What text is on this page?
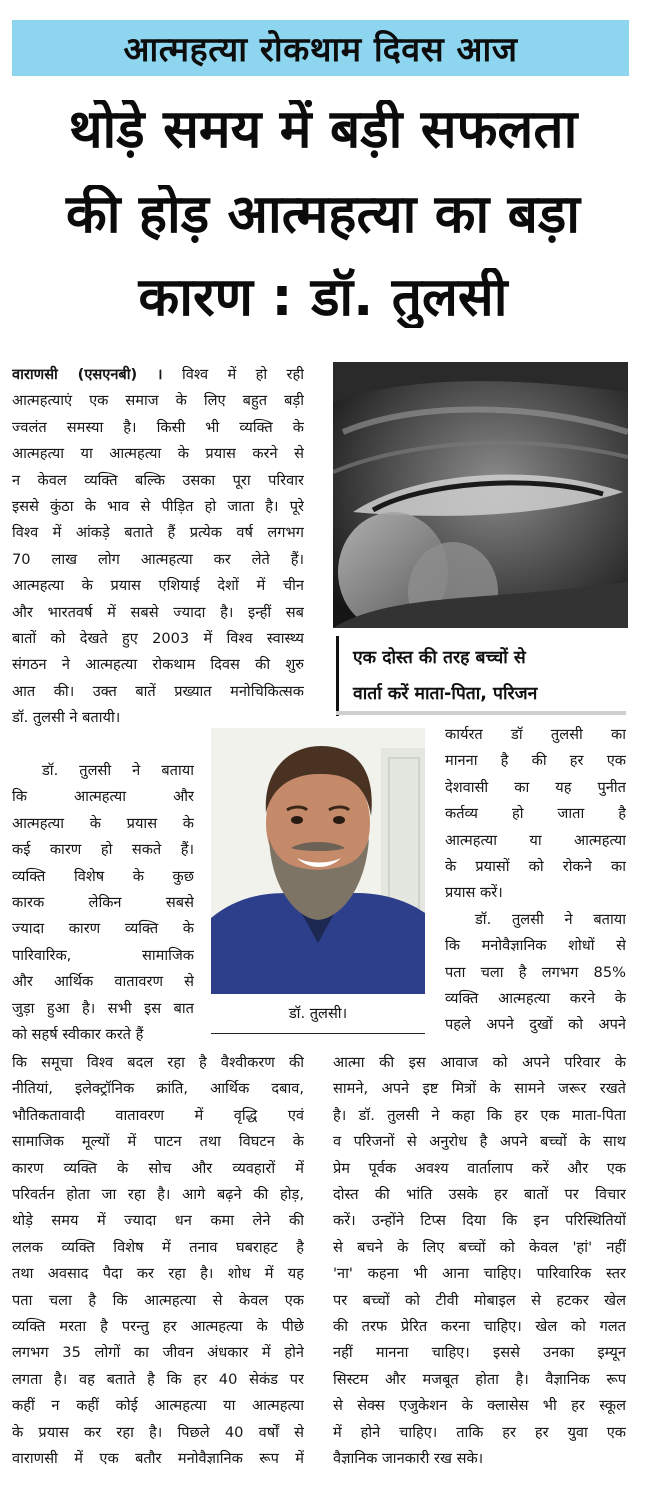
आत्महत्या रोकथाम दिवस आज
थोड़े समय में बड़ी सफलता
की होड़ आत्महत्या का बड़ा
कारण : डॉ. तुलसी
वाराणसी (एसएनबी) । विश्व में हो रही
आत्महत्याएं एक समाज के लिए बहुत बड़ी
ज्वलंत समस्या है। किसी भी व्यक्ति के
आत्महत्या या आत्महत्या के प्रयास करने से
न केवल व्यक्ति बल्कि उसका पूरा परिवार
इससे कुंठा के भाव से पीड़ित हो जाता है। पूरे
विश्व में आंकड़े बताते हैं प्रत्येक वर्ष लगभग
70 लाख लोग आत्महत्या कर लेते हैं।
आत्महत्या के प्रयास एशियाई देशों में चीन
और भारतवर्ष में सबसे ज्यादा है। इन्हीं सब
बातों को देखते हुए 2003 में विश्व स्वास्थ्य
संगठन ने आत्महत्या रोकथाम दिवस की शुरु
आत की। उक्त बातें प्रख्यात मनोचिकित्सक
डॉ. तुलसी ने बतायी।
डॉ. तुलसी ने बताया
कि आत्महत्या और
आत्महत्या के प्रयास के
कई कारण हो सकते हैं।
व्यक्ति विशेष के कुछ
कारक लेकिन सबसे
ज्यादा कारण व्यक्ति के
पारिवारिक, सामाजिक
और आर्थिक वातावरण से
जुड़ा हुआ है। सभी इस बात
को सहर्ष स्वीकार करते हैं
कि समूचा विश्व बदल रहा है वैश्वीकरण की
नीतियां, इलेक्ट्रॉनिक क्रांति, आर्थिक दबाव,
भौतिकतावादी वातावरण में वृद्धि एवं
सामाजिक मूल्यों में पाटन तथा विघटन के
कारण व्यक्ति के सोच और व्यवहारों में
परिवर्तन होता जा रहा है। आगे बढ़ने की होड़,
थोड़े समय में ज्यादा धन कमा लेने की
ललक व्यक्ति विशेष में तनाव घबराहट है
तथा अवसाद पैदा कर रहा है। शोध में यह
पता चला है कि आत्महत्या से केवल एक
व्यक्ति मरता है परन्तु हर आत्महत्या के पीछे
लगभग 35 लोगों का जीवन अंधकार में होने
लगता है। वह बताते है कि हर 40 सेकंड पर
कहीं न कहीं कोई आत्महत्या या आत्महत्या
के प्रयास कर रहा है। पिछले 40 वर्षों से
वाराणसी में एक बतौर मनोवैज्ञानिक रूप में
एक दोस्त की तरह बच्चों से
वार्ता करें माता-पिता, परिजन
कार्यरत डॉ तुलसी का
मानना है की हर एक
देशवासी का यह पुनीत
कर्तव्य हो जाता है
आत्महत्या या आत्महत्या
के प्रयासों को रोकने का
प्रयास करें।
डॉ. तुलसी ने बताया
कि मनोवैज्ञानिक शोधों से
पता चला है लगभग 85%
व्यक्ति आत्महत्या करने के
पहले अपने दुखों को अपने
आत्मा की इस आवाज को अपने परिवार के
सामने, अपने इष्ट मित्रों के सामने जरूर रखते
है। डॉ. तुलसी ने कहा कि हर एक माता-पिता
व परिजनों से अनुरोध है अपने बच्चों के साथ
प्रेम पूर्वक अवश्य वार्तालाप करें और एक
दोस्त की भांति उसके हर बातों पर विचार
करें। उन्होंने टिप्स दिया कि इन परिस्थितियों
से बचने के लिए बच्चों को केवल 'हां' नहीं
'ना' कहना भी आना चाहिए। पारिवारिक स्तर
पर बच्चों को टीवी मोबाइल से हटकर खेल
की तरफ प्रेरित करना चाहिए। खेल को गलत
नहीं मानना चाहिए। इससे उनका इम्यून
सिस्टम और मजबूत होता है। वैज्ञानिक रूप
से सेक्स एजुकेशन के क्लासेस भी हर स्कूल
में होने चाहिए। ताकि हर हर युवा एक
वैज्ञानिक जानकारी रख सके।
डॉ. तुलसी।
